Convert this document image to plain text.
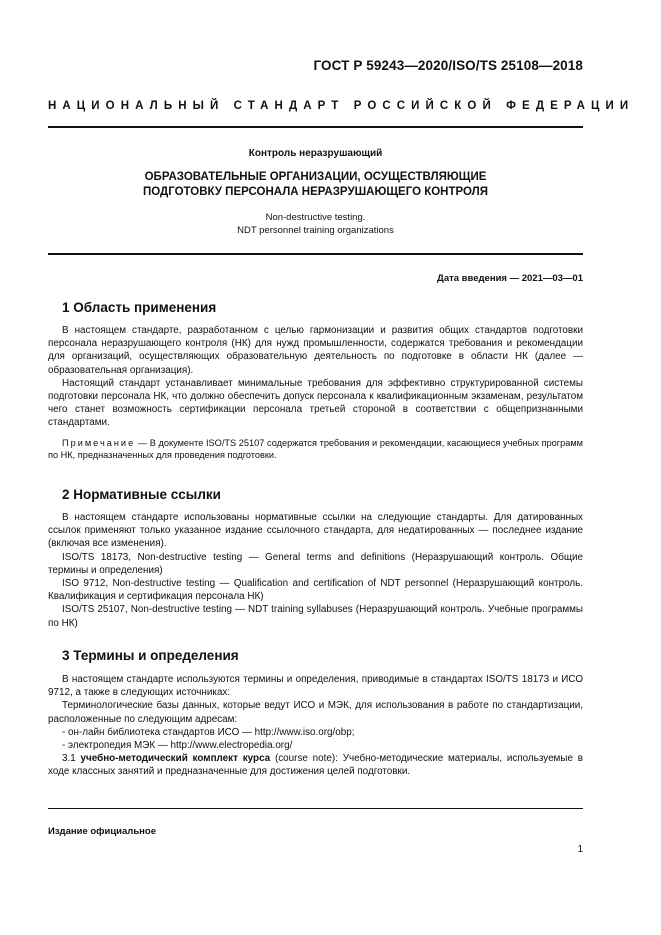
ГОСТ Р 59243—2020/ISO/TS 25108—2018
НАЦИОНАЛЬНЫЙ СТАНДАРТ РОССИЙСКОЙ ФЕДЕРАЦИИ
Контроль неразрушающий
ОБРАЗОВАТЕЛЬНЫЕ ОРГАНИЗАЦИИ, ОСУЩЕСТВЛЯЮЩИЕ
ПОДГОТОВКУ ПЕРСОНАЛА НЕРАЗРУШАЮЩЕГО КОНТРОЛЯ
Non-destructive testing.
NDT personnel training organizations
Дата введения — 2021—03—01
1 Область применения

В настоящем стандарте, разработанном с целью гармонизации и развития общих стандартов подготовки персонала неразрушающего контроля (НК) для нужд промышленности, содержатся требования и рекомендации для организаций, осуществляющих образовательную деятельность по подготовке в области НК (далее — образовательная организация).

Настоящий стандарт устанавливает минимальные требования для эффективно структурированной системы подготовки персонала НК, что должно обеспечить допуск персонала к квалификационным экзаменам, результатом чего станет возможность сертификации персонала третьей стороной в соответствии с общепризнанными стандартами.

Примечание — В документе ISO/TS 25107 содержатся требования и рекомендации, касающиеся учебных программ по НК, предназначенных для проведения подготовки.

2 Нормативные ссылки

В настоящем стандарте использованы нормативные ссылки на следующие стандарты. Для датированных ссылок применяют только указанное издание ссылочного стандарта, для недатированных — последнее издание (включая все изменения).

ISO/TS 18173, Non-destructive testing — General terms and definitions (Неразрушающий контроль. Общие термины и определения)

ISO 9712, Non-destructive testing — Qualification and certification of NDT personnel (Неразрушающий контроль. Квалификация и сертификация персонала НК)

ISO/TS 25107, Non-destructive testing — NDT training syllabuses (Неразрушающий контроль. Учебные программы по НК)

3 Термины и определения

В настоящем стандарте используются термины и определения, приводимые в стандартах ISO/TS 18173 и ИСО 9712, а также в следующих источниках:

Терминологические базы данных, которые ведут ИСО и МЭК, для использования в работе по стандартизации, расположенные по следующим адресам:

- он-лайн библиотека стандартов ИСО — http://www.iso.org/obp;

- электропедия МЭК — http://www.electropedia.org/

3.1 учебно-методический комплект курса (course note): Учебно-методические материалы, используемые в ходе классных занятий и предназначенные для достижения целей подготовки.

Издание официальное
1
